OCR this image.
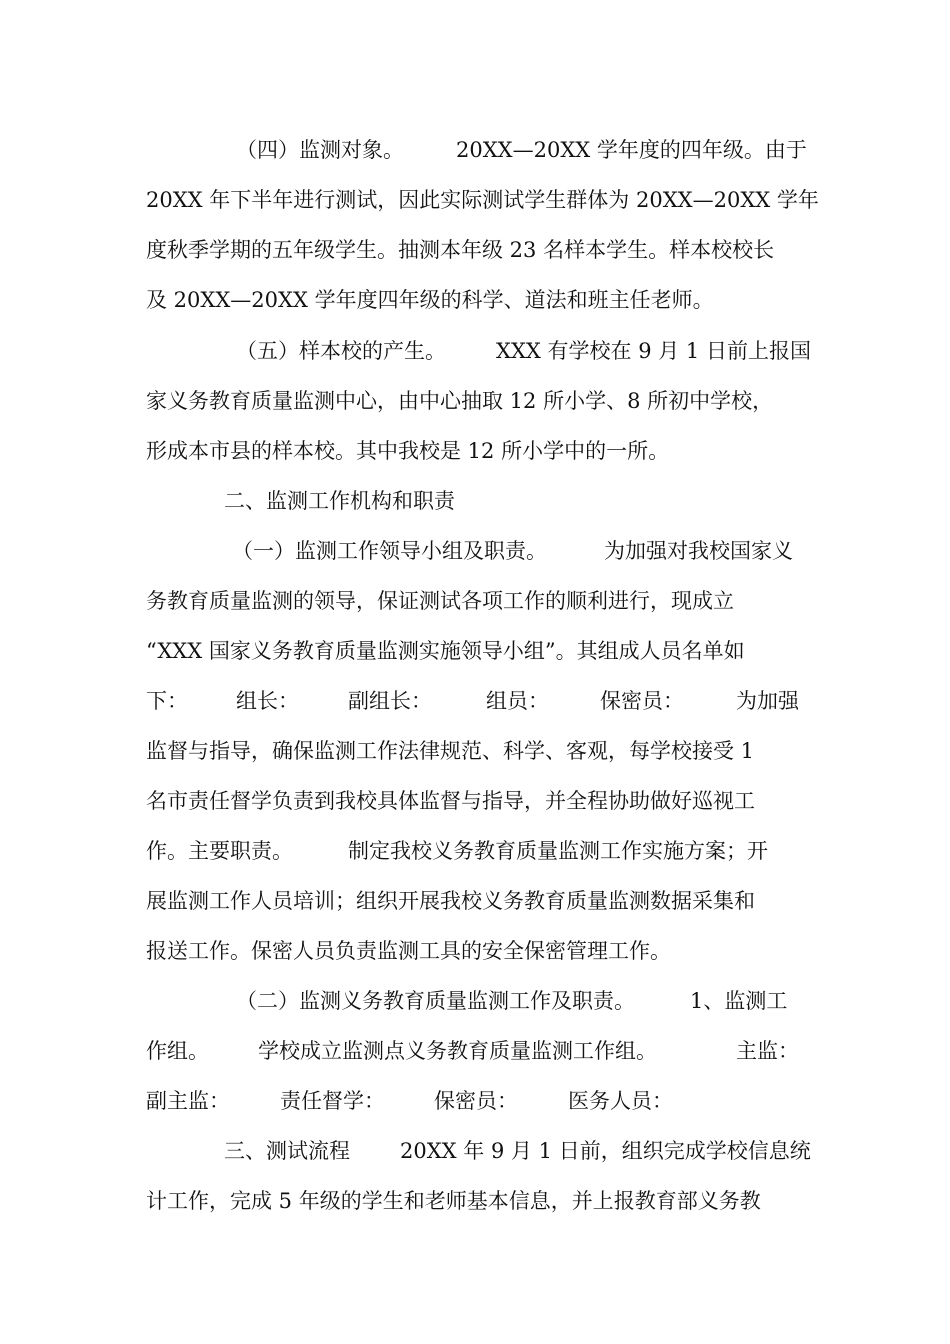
（四）监测对象。

20XX—20XX 学年度的四年级。由于

20XX 年下半年进行测试，因此实际测试学生群体为 20XX—20XX 学年

度秋季学期的五年级学生。抽测本年级 23 名样本学生。样本校校长

及 20XX—20XX 学年度四年级的科学、道法和班主任老师。

（五）样本校的产生。

XXX 有学校在 9 月 1 日前上报国

家义务教育质量监测中心，由中心抽取 12 所小学、8 所初中学校，

形成本市县的样本校。其中我校是 12 所小学中的一所。

二、监测工作机构和职责

（一）监测工作领导小组及职责。

	为加强对我校国家义

务教育质量监测的领导，保证测试各项工作的顺利进行，现成立

“XXX 国家义务教育质量监测实施领导小组”。其组成人员名单如

下：

组长：

副组长：

	组员：

保密员：

为加强

监督与指导，确保监测工作法律规范、科学、客观，每学校接受 1

名市责任督学负责到我校具体监督与指导，并全程协助做好巡视工

作。主要职责。

	制定我校义务教育质量监测工作实施方案；开

展监测工作人员培训；组织开展我校义务教育质量监测数据采集和

报送工作。保密人员负责监测工具的安全保密管理工作。

（二）监测义务教育质量监测工作及职责。

	1、监测工

作组。

学校成立监测点义务教育质量监测工作组。

	主监：

副主监：

责任督学：

保密员：

医务人员：

三、测试流程

20XX 年 9 月 1 日前，组织完成学校信息统

计工作，完成 5 年级的学生和老师基本信息，并上报教育部义务教
